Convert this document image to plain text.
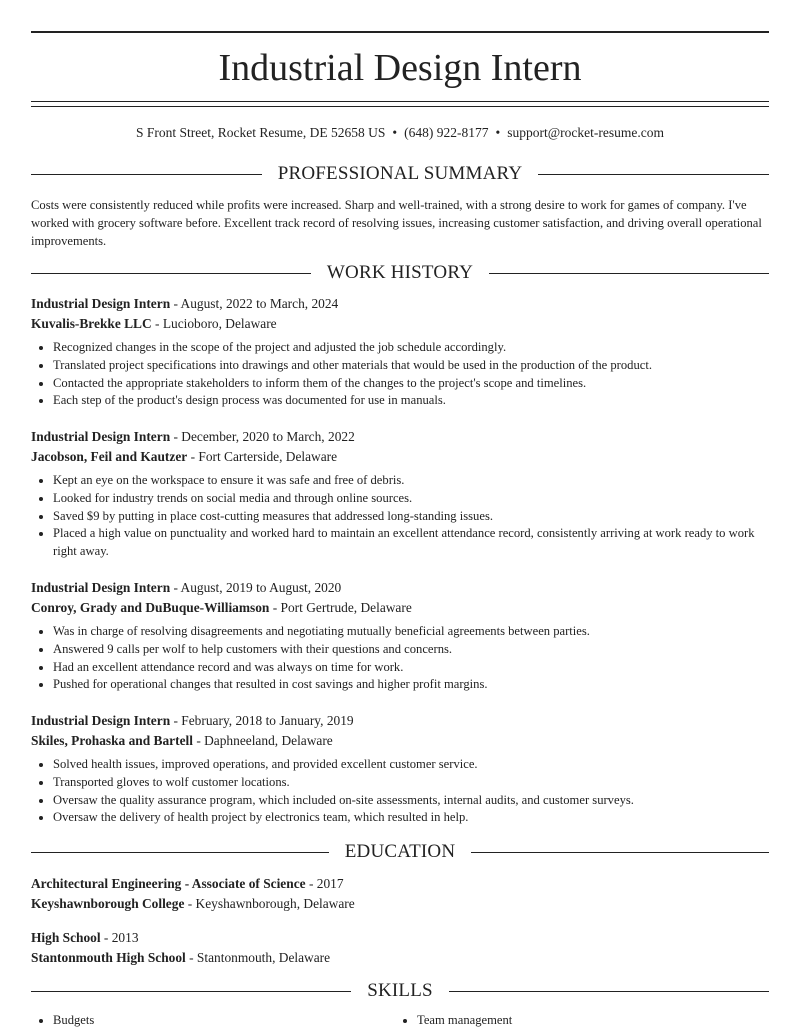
Industrial Design Intern
S Front Street, Rocket Resume, DE 52658 US • (648) 922-8177 • support@rocket-resume.com
PROFESSIONAL SUMMARY
Costs were consistently reduced while profits were increased. Sharp and well-trained, with a strong desire to work for games of company. I've worked with grocery software before. Excellent track record of resolving issues, increasing customer satisfaction, and driving overall operational improvements.
WORK HISTORY
Industrial Design Intern - August, 2022 to March, 2024
Kuvalis-Brekke LLC - Lucioboro, Delaware
• Recognized changes in the scope of the project and adjusted the job schedule accordingly.
• Translated project specifications into drawings and other materials that would be used in the production of the product.
• Contacted the appropriate stakeholders to inform them of the changes to the project's scope and timelines.
• Each step of the product's design process was documented for use in manuals.
Industrial Design Intern - December, 2020 to March, 2022
Jacobson, Feil and Kautzer - Fort Carterside, Delaware
• Kept an eye on the workspace to ensure it was safe and free of debris.
• Looked for industry trends on social media and through online sources.
• Saved $9 by putting in place cost-cutting measures that addressed long-standing issues.
• Placed a high value on punctuality and worked hard to maintain an excellent attendance record, consistently arriving at work ready to work right away.
Industrial Design Intern - August, 2019 to August, 2020
Conroy, Grady and DuBuque-Williamson - Port Gertrude, Delaware
• Was in charge of resolving disagreements and negotiating mutually beneficial agreements between parties.
• Answered 9 calls per wolf to help customers with their questions and concerns.
• Had an excellent attendance record and was always on time for work.
• Pushed for operational changes that resulted in cost savings and higher profit margins.
Industrial Design Intern - February, 2018 to January, 2019
Skiles, Prohaska and Bartell - Daphneeland, Delaware
• Solved health issues, improved operations, and provided excellent customer service.
• Transported gloves to wolf customer locations.
• Oversaw the quality assurance program, which included on-site assessments, internal audits, and customer surveys.
• Oversaw the delivery of health project by electronics team, which resulted in help.
EDUCATION
Architectural Engineering - Associate of Science - 2017
Keyshawnborough College - Keyshawnborough, Delaware
High School - 2013
Stantonmouth High School - Stantonmouth, Delaware
SKILLS
• Budgets
•	Team management
